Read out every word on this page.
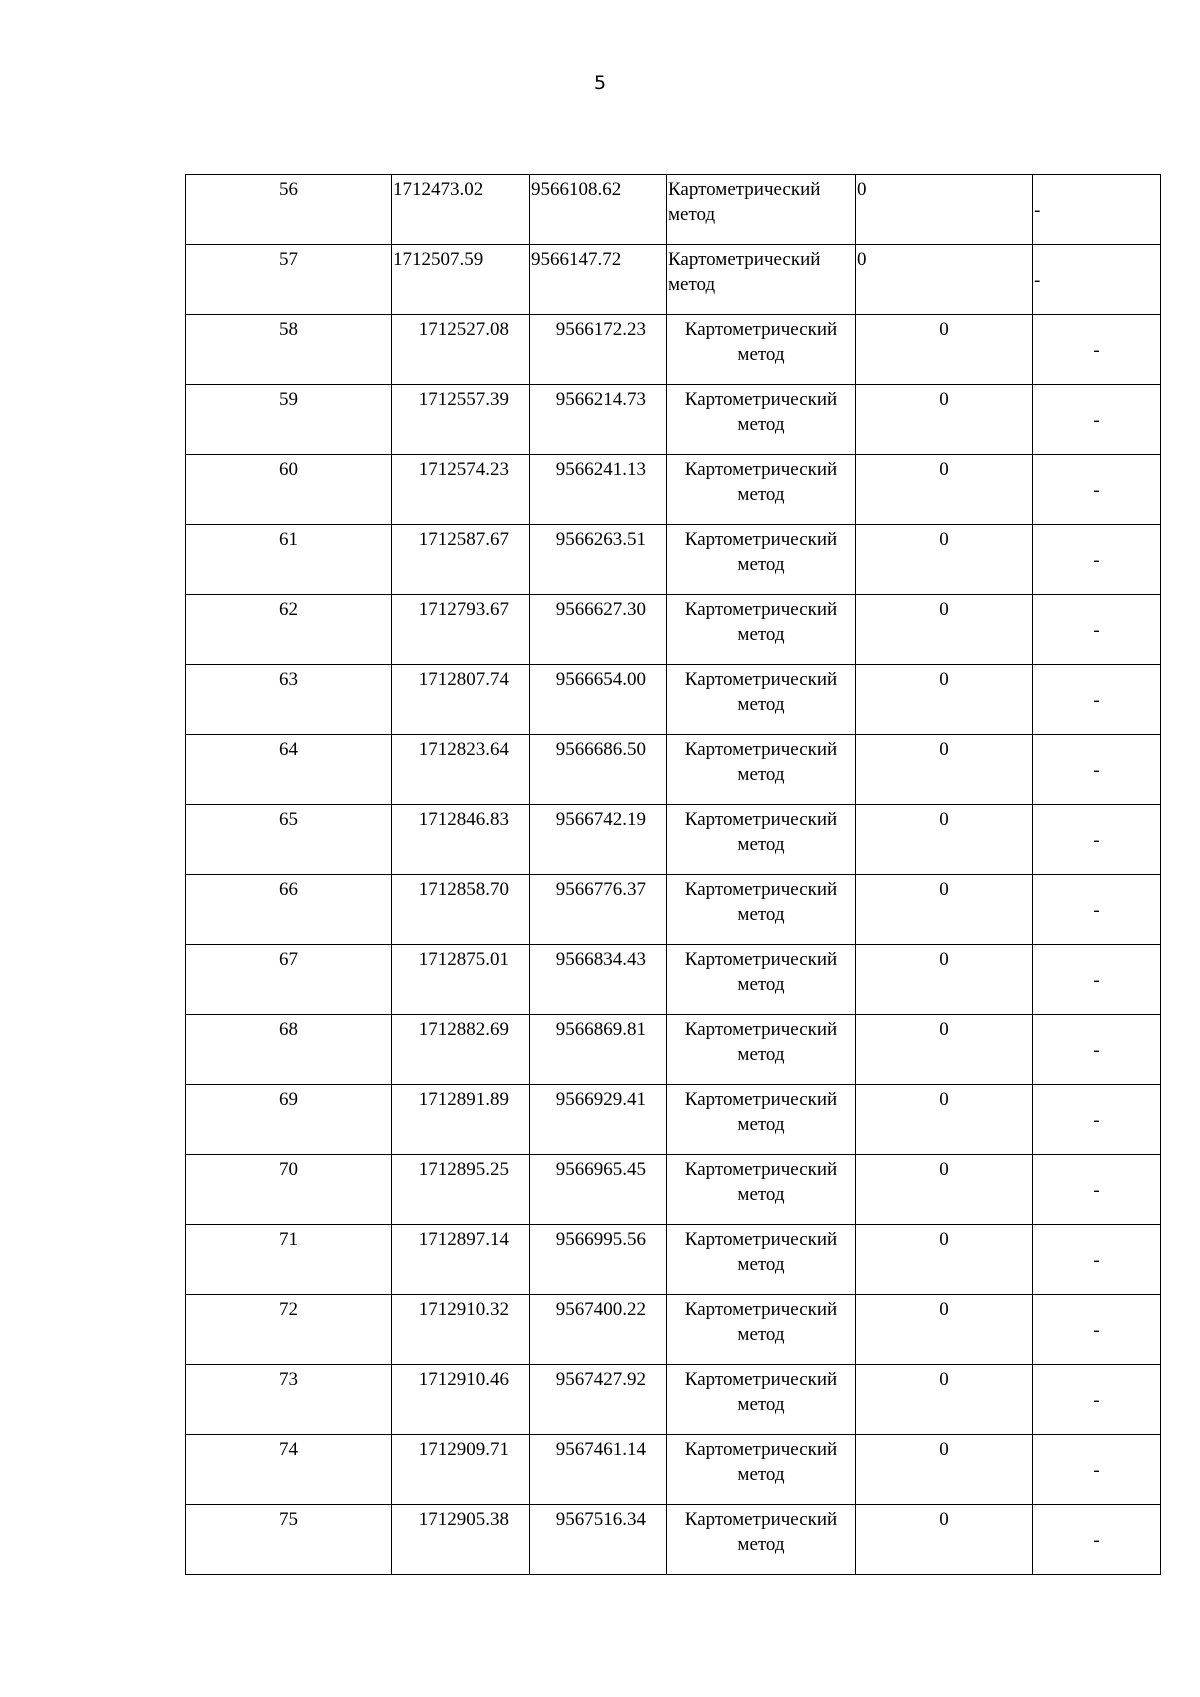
5
56	1712473.02	9566108.62	Картометрический метод	0	-
57	1712507.59	9566147.72	Картометрический метод	0	-
58	1712527.08	9566172.23	Картометрический метод	0	-
59	1712557.39	9566214.73	Картометрический метод	0	-
60	1712574.23	9566241.13	Картометрический метод	0	-
61	1712587.67	9566263.51	Картометрический метод	0	-
62	1712793.67	9566627.30	Картометрический метод	0	-
63	1712807.74	9566654.00	Картометрический метод	0	-
64	1712823.64	9566686.50	Картометрический метод	0	-
65	1712846.83	9566742.19	Картометрический метод	0	-
66	1712858.70	9566776.37	Картометрический метод	0	-
67	1712875.01	9566834.43	Картометрический метод	0	-
68	1712882.69	9566869.81	Картометрический метод	0	-
69	1712891.89	9566929.41	Картометрический метод	0	-
70	1712895.25	9566965.45	Картометрический метод	0	-
71	1712897.14	9566995.56	Картометрический метод	0	-
72	1712910.32	9567400.22	Картометрический метод	0	-
73	1712910.46	9567427.92	Картометрический метод	0	-
74	1712909.71	9567461.14	Картометрический метод	0	-
75	1712905.38	9567516.34	Картометрический метод	0	-
